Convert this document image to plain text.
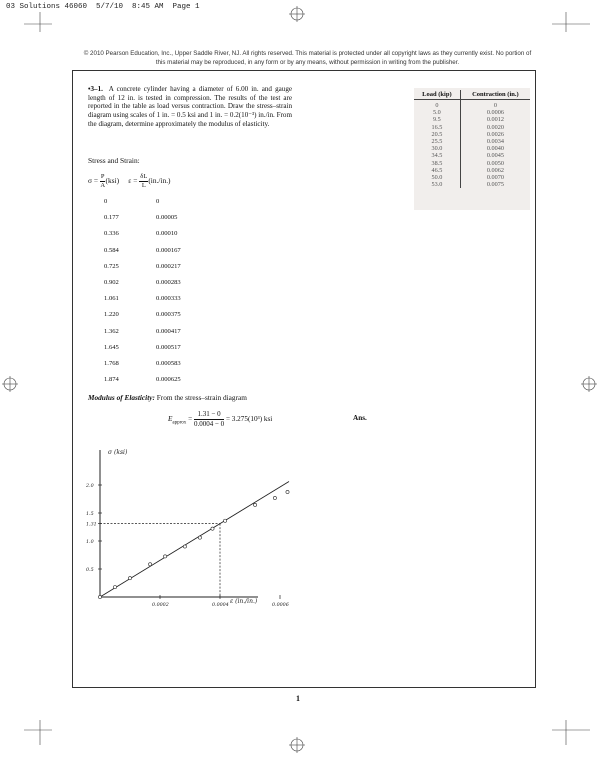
03 Solutions 46060  5/7/10  8:45 AM  Page 1
© 2010 Pearson Education, Inc., Upper Saddle River, NJ. All rights reserved. This material is protected under all copyright laws as they currently exist. No portion of this material may be reproduced, in any form or by any means, without permission in writing from the publisher.
•3–1. A concrete cylinder having a diameter of 6.00 in. and gauge length of 12 in. is tested in compression. The results of the test are reported in the table as load versus contraction. Draw the stress–strain diagram using scales of 1 in. = 0.5 ksi and 1 in. = 0.2(10⁻³) in./in. From the diagram, determine approximately the modulus of elasticity.
Load (kip)	Contraction (in.)
0	0
5.0	0.0006
9.5	0.0012
16.5	0.0020
20.5	0.0026
25.5	0.0034
30.0	0.0040
34.5	0.0045
38.5	0.0050
46.5	0.0062
50.0	0.0070
53.0	0.0075
Stress and Strain:
$\sigma = \frac{P}{A} (ksi) \varepsilon = \frac{\delta L}{L} (in./in.)$
0	0
0.177	0.00005
0.336	0.00010
0.584	0.000167
0.725	0.000217
0.902	0.000283
1.061	0.000333
1.220	0.000375
1.362	0.000417
1.645	0.000517
1.768	0.000583
1.874	0.000625
Modulus of Elasticity: From the stress–strain diagram
$E_{approx} = \frac{1.31 - 0}{0.0004 - 0} = 3.275(10^3)$ ksi	Ans.
σ (ksi)
ε (in./in.)
0.0002	0.0004	0.0006
0.5
1.0
1.31
1.5
2.0
1
